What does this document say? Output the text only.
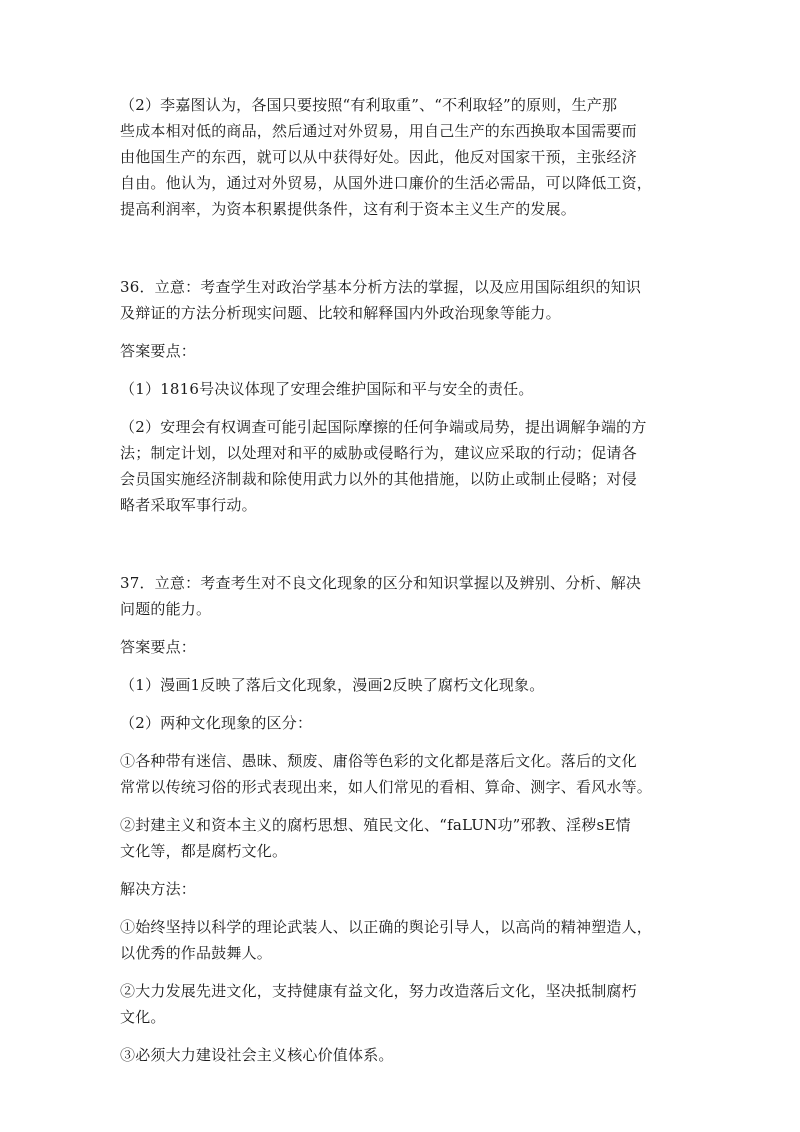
（2）李嘉图认为，各国只要按照“有利取重”、“不利取轻”的原则，生产那
些成本相对低的商品，然后通过对外贸易，用自己生产的东西换取本国需要而
由他国生产的东西，就可以从中获得好处。因此，他反对国家干预，主张经济
自由。他认为，通过对外贸易，从国外进口廉价的生活必需品，可以降低工资，
提高利润率，为资本积累提供条件，这有利于资本主义生产的发展。

36．立意：考查学生对政治学基本分析方法的掌握，以及应用国际组织的知识
及辩证的方法分析现实问题、比较和解释国内外政治现象等能力。

答案要点：

（1）1816号决议体现了安理会维护国际和平与安全的责任。

（2）安理会有权调查可能引起国际摩擦的任何争端或局势，提出调解争端的方
法；制定计划，以处理对和平的威胁或侵略行为，建议应采取的行动；促请各
会员国实施经济制裁和除使用武力以外的其他措施，以防止或制止侵略；对侵
略者采取军事行动。

37．立意：考查考生对不良文化现象的区分和知识掌握以及辨别、分析、解决
问题的能力。

答案要点：

（1）漫画1反映了落后文化现象，漫画2反映了腐朽文化现象。

（2）两种文化现象的区分：

①各种带有迷信、愚昧、颓废、庸俗等色彩的文化都是落后文化。落后的文化
常常以传统习俗的形式表现出来，如人们常见的看相、算命、测字、看风水等。

②封建主义和资本主义的腐朽思想、殖民文化、“faLUN功”邪教、淫秽sE情
文化等，都是腐朽文化。

解决方法：

①始终坚持以科学的理论武装人、以正确的舆论引导人，以高尚的精神塑造人，
以优秀的作品鼓舞人。

②大力发展先进文化，支持健康有益文化，努力改造落后文化，坚决抵制腐朽
文化。

③必须大力建设社会主义核心价值体系。
